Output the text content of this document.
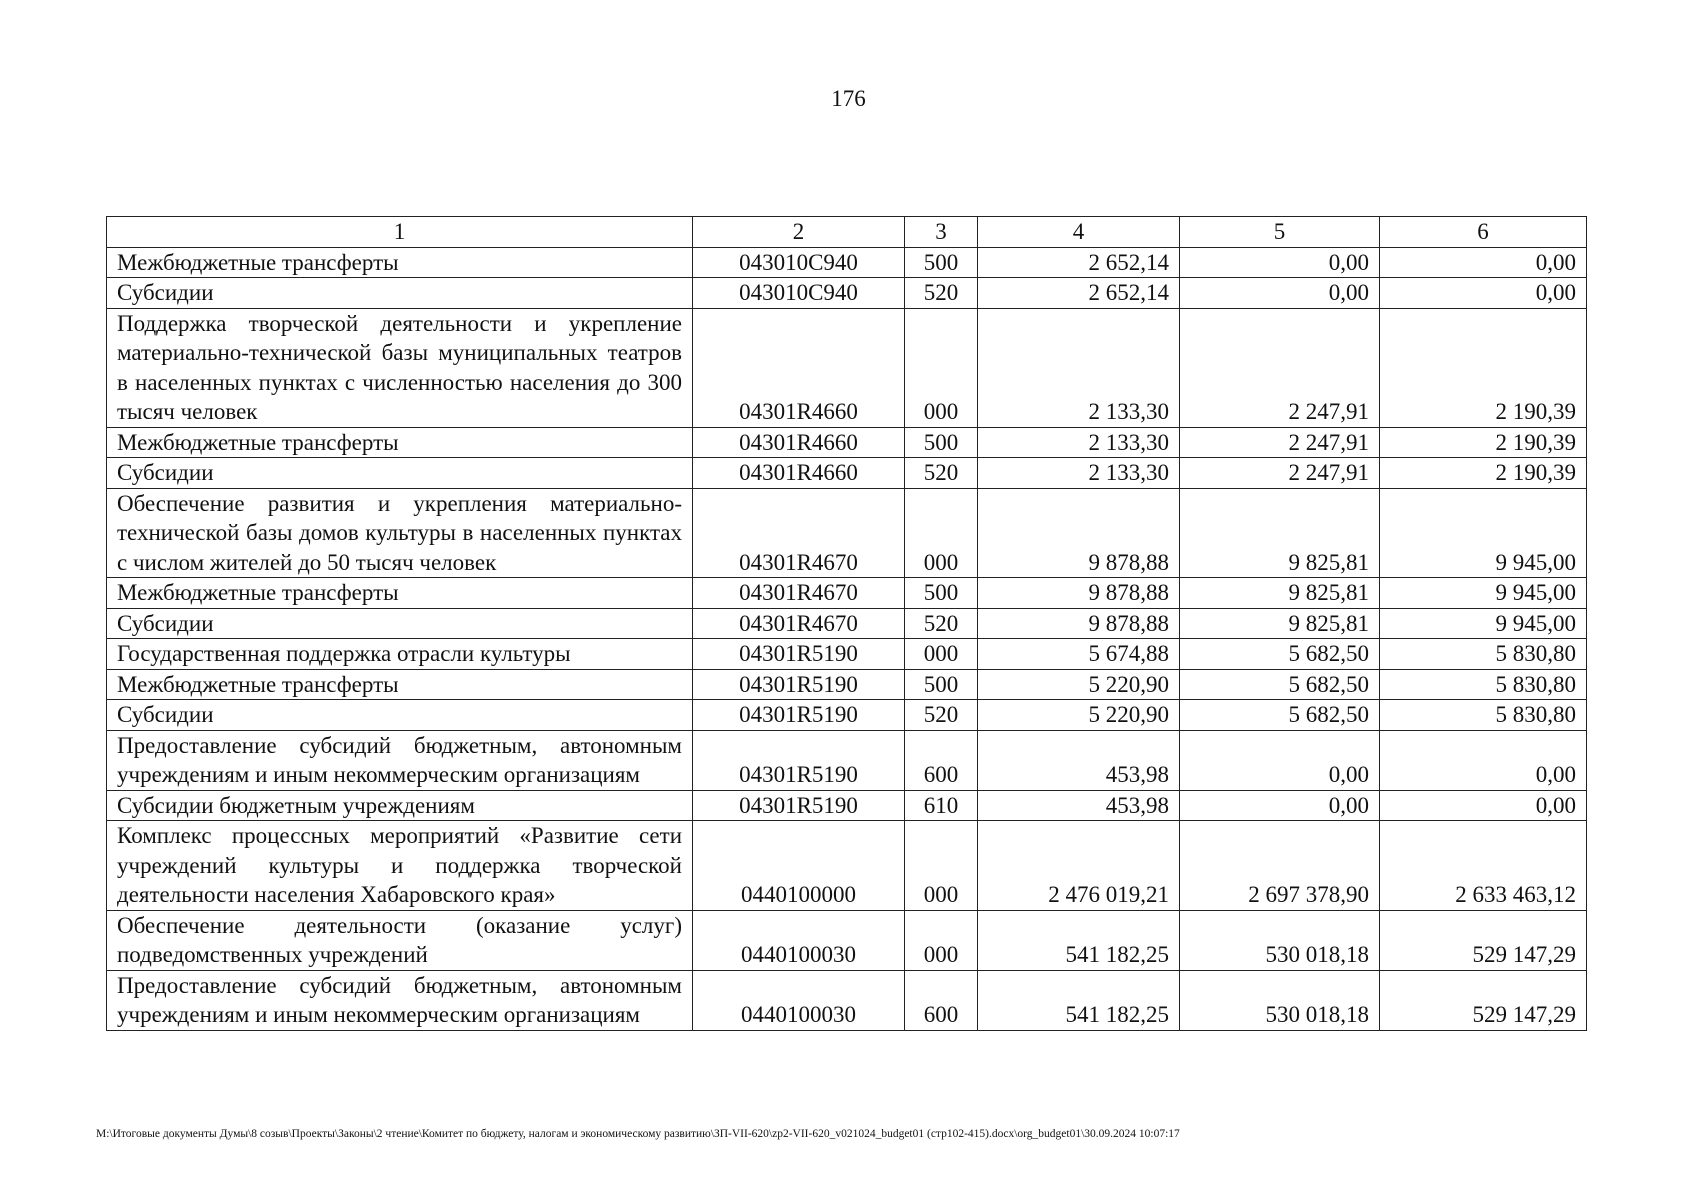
176
1	2	3	4	5	6
Межбюджетные трансферты	043010С940	500	2 652,14	0,00	0,00
Субсидии	043010С940	520	2 652,14	0,00	0,00
Поддержка творческой деятельности и укрепление материально-технической базы муниципальных театров в населенных пунктах с численностью населения до 300 тысяч человек	04301R4660	000	2 133,30	2 247,91	2 190,39
Межбюджетные трансферты	04301R4660	500	2 133,30	2 247,91	2 190,39
Субсидии	04301R4660	520	2 133,30	2 247,91	2 190,39
Обеспечение развития и укрепления материально-технической базы домов культуры в населенных пунктах с числом жителей до 50 тысяч человек	04301R4670	000	9 878,88	9 825,81	9 945,00
Межбюджетные трансферты	04301R4670	500	9 878,88	9 825,81	9 945,00
Субсидии	04301R4670	520	9 878,88	9 825,81	9 945,00
Государственная поддержка отрасли культуры	04301R5190	000	5 674,88	5 682,50	5 830,80
Межбюджетные трансферты	04301R5190	500	5 220,90	5 682,50	5 830,80
Субсидии	04301R5190	520	5 220,90	5 682,50	5 830,80
Предоставление субсидий бюджетным, автономным учреждениям и иным некоммерческим организациям	04301R5190	600	453,98	0,00	0,00
Субсидии бюджетным учреждениям	04301R5190	610	453,98	0,00	0,00
Комплекс процессных мероприятий «Развитие сети учреждений культуры и поддержка творческой деятельности населения Хабаровского края»	0440100000	000	2 476 019,21	2 697 378,90	2 633 463,12
Обеспечение деятельности (оказание услуг) подведомственных учреждений	0440100030	000	541 182,25	530 018,18	529 147,29
Предоставление субсидий бюджетным, автономным учреждениям и иным некоммерческим организациям	0440100030	600	541 182,25	530 018,18	529 147,29
M:\Итоговые документы Думы\8 созыв\Проекты\Законы\2 чтение\Комитет по бюджету, налогам и экономическому развитию\ЗП-VII-620\zp2-VII-620_v021024_budget01 (стр102-415).docx\org_budget01\30.09.2024 10:07:17
